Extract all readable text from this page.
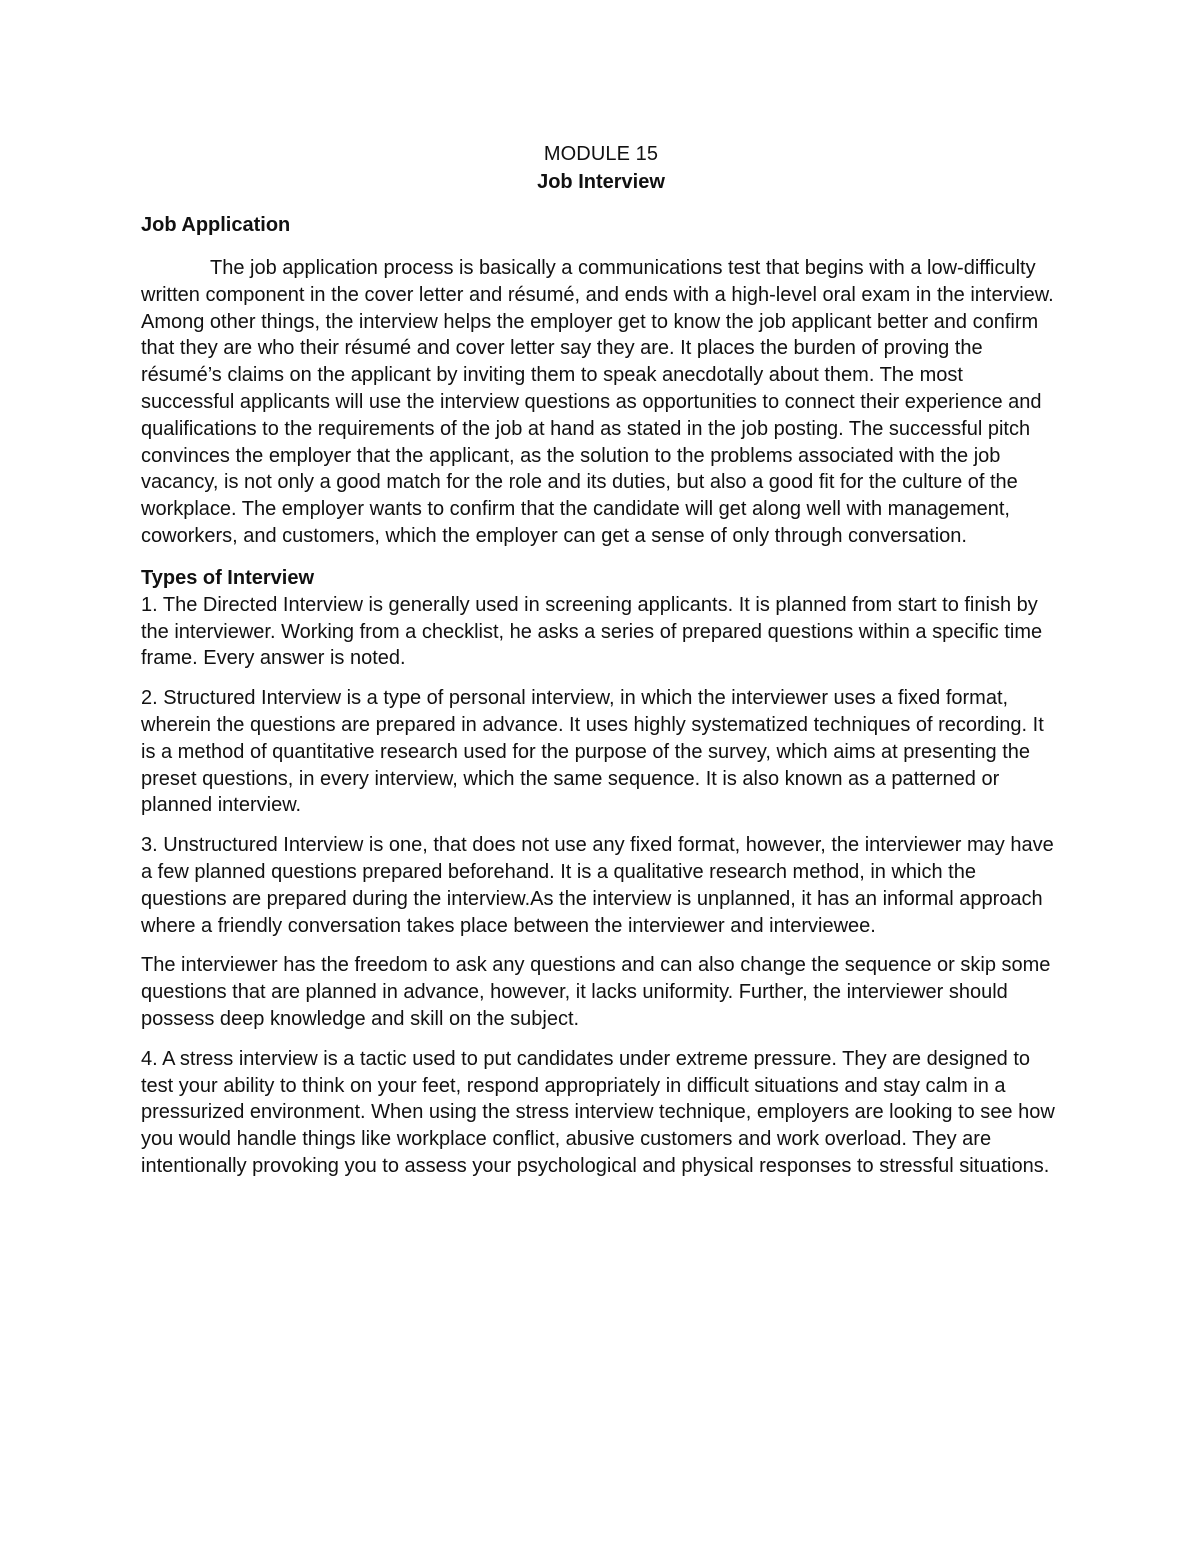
MODULE 15
Job Interview
Job Application

The job application process is basically a communications test that begins with a low-difficulty written component in the cover letter and résumé, and ends with a high-level oral exam in the interview. Among other things, the interview helps the employer get to know the job applicant better and confirm that they are who their résumé and cover letter say they are. It places the burden of proving the résumé’s claims on the applicant by inviting them to speak anecdotally about them. The most successful applicants will use the interview questions as opportunities to connect their experience and qualifications to the requirements of the job at hand as stated in the job posting. The successful pitch convinces the employer that the applicant, as the solution to the problems associated with the job vacancy, is not only a good match for the role and its duties, but also a good fit for the culture of the workplace. The employer wants to confirm that the candidate will get along well with management, coworkers, and customers, which the employer can get a sense of only through conversation.

Types of Interview

1. The Directed Interview is generally used in screening applicants. It is planned from start to finish by the interviewer. Working from a checklist, he asks a series of prepared questions within a specific time frame. Every answer is noted.

2. Structured Interview is a type of personal interview, in which the interviewer uses a fixed format, wherein the questions are prepared in advance. It uses highly systematized techniques of recording. It is a method of quantitative research used for the purpose of the survey, which aims at presenting the preset questions, in every interview, which the same sequence. It is also known as a patterned or planned interview.

3. Unstructured Interview is one, that does not use any fixed format, however, the interviewer may have a few planned questions prepared beforehand. It is a qualitative research method, in which the questions are prepared during the interview.As the interview is unplanned, it has an informal approach where a friendly conversation takes place between the interviewer and interviewee.

The interviewer has the freedom to ask any questions and can also change the sequence or skip some questions that are planned in advance, however, it lacks uniformity. Further, the interviewer should possess deep knowledge and skill on the subject.

4. A stress interview is a tactic used to put candidates under extreme pressure. They are designed to test your ability to think on your feet, respond appropriately in difficult situations and stay calm in a pressurized environment. When using the stress interview technique, employers are looking to see how you would handle things like workplace conflict, abusive customers and work overload. They are intentionally provoking you to assess your psychological and physical responses to stressful situations.
